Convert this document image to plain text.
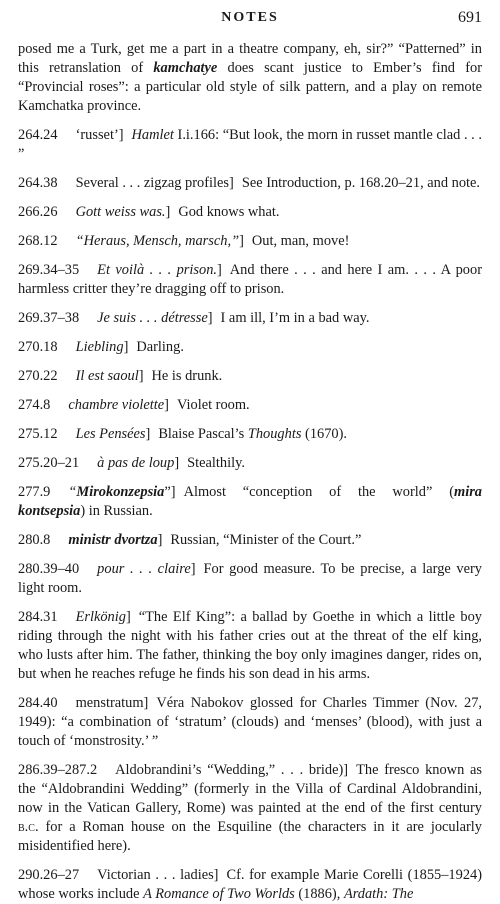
NOTES	691

posed me a Turk, get me a part in a theatre company, eh, sir?” “Patterned” in this retranslation of kamchatye does scant justice to Ember’s find for “Provincial roses”: a particular old style of silk pattern, and a play on remote Kamchatka province.

264.24 ‘russet’] Hamlet I.i.166: “But look, the morn in russet mantle clad . . . ”

264.38 Several . . . zigzag profiles] See Introduction, p. 168.20–21, and note.

266.26 Gott weiss was.] God knows what.

268.12 “Heraus, Mensch, marsch,”] Out, man, move!

269.34–35 Et voilà . . . prison.] And there . . . and here I am. . . . A poor harmless critter they’re dragging off to prison.

269.37–38 Je suis . . . détresse] I am ill, I’m in a bad way.

270.18 Liebling] Darling.

270.22 Il est saoul] He is drunk.

274.8 chambre violette] Violet room.

275.12 Les Pensées] Blaise Pascal’s Thoughts (1670).

275.20–21 à pas de loup] Stealthily.

277.9 “Mirokonzepsia”] Almost “conception of the world” (mira kontsepsia) in Russian.

280.8 ministr dvortza] Russian, “Minister of the Court.”

280.39–40 pour . . . claire] For good measure. To be precise, a large very light room.

284.31 Erlkönig] “The Elf King”: a ballad by Goethe in which a little boy riding through the night with his father cries out at the threat of the elf king, who lusts after him. The father, thinking the boy only imagines danger, rides on, but when he reaches refuge he finds his son dead in his arms.

284.40 menstratum] Véra Nabokov glossed for Charles Timmer (Nov. 27, 1949): “a combination of ‘stratum’ (clouds) and ‘menses’ (blood), with just a touch of ‘monstrosity.’ ”

286.39–287.2 Aldobrandini’s “Wedding,” . . . bride)] The fresco known as the “Aldobrandini Wedding” (formerly in the Villa of Cardinal Aldobrandini, now in the Vatican Gallery, Rome) was painted at the end of the first century b.c. for a Roman house on the Esquiline (the characters in it are jocularly misidentified here).

290.26–27 Victorian . . . ladies] Cf. for example Marie Corelli (1855–1924) whose works include A Romance of Two Worlds (1886), Ardath: The
